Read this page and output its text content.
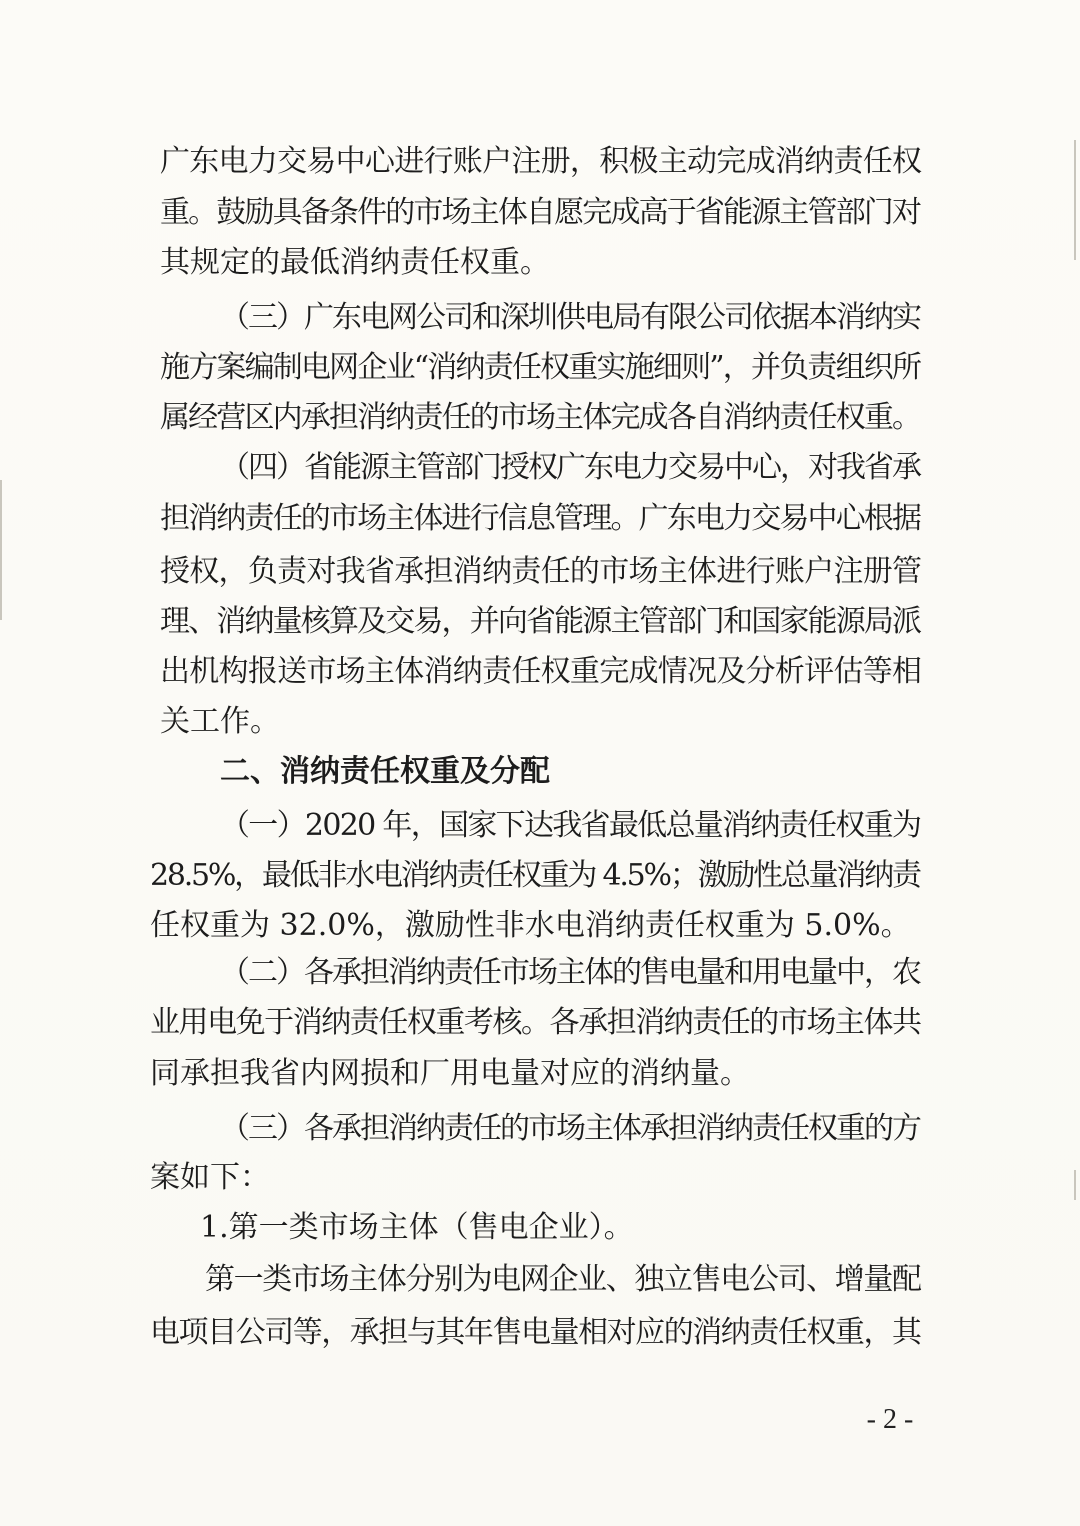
广东电力交易中心进行账户注册，积极主动完成消纳责任权
重。鼓励具备条件的市场主体自愿完成高于省能源主管部门对
其规定的最低消纳责任权重。
（三）广东电网公司和深圳供电局有限公司依据本消纳实
施方案编制电网企业“消纳责任权重实施细则”，并负责组织所
属经营区内承担消纳责任的市场主体完成各自消纳责任权重。
（四）省能源主管部门授权广东电力交易中心，对我省承
担消纳责任的市场主体进行信息管理。广东电力交易中心根据
授权，负责对我省承担消纳责任的市场主体进行账户注册管
理、消纳量核算及交易，并向省能源主管部门和国家能源局派
出机构报送市场主体消纳责任权重完成情况及分析评估等相
关工作。
二、消纳责任权重及分配
（一）2020 年，国家下达我省最低总量消纳责任权重为
28.5%，最低非水电消纳责任权重为 4.5%；激励性总量消纳责
任权重为 32.0%，激励性非水电消纳责任权重为 5.0%。
（二）各承担消纳责任市场主体的售电量和用电量中，农
业用电免于消纳责任权重考核。各承担消纳责任的市场主体共
同承担我省内网损和厂用电量对应的消纳量。
（三）各承担消纳责任的市场主体承担消纳责任权重的方
案如下：
1.第一类市场主体（售电企业）。
第一类市场主体分别为电网企业、独立售电公司、增量配
电项目公司等，承担与其年售电量相对应的消纳责任权重，其
- 2 -
